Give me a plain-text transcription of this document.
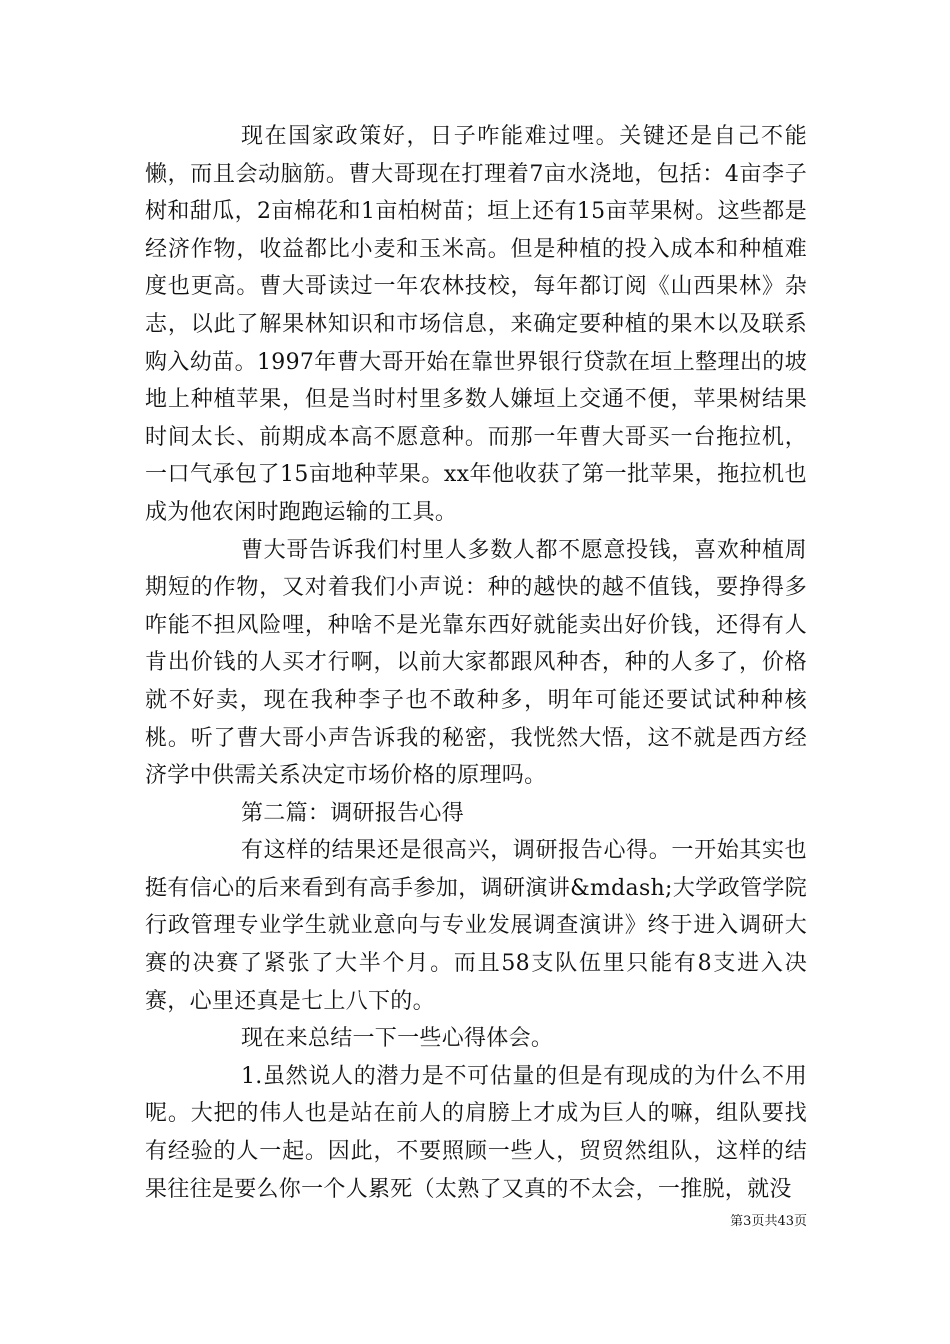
现在国家政策好，日子咋能难过哩。关键还是自己不能懒，而且会动脑筋。曹大哥现在打理着7亩水浇地，包括：4亩李子树和甜瓜，2亩棉花和1亩柏树苗；垣上还有15亩苹果树。这些都是经济作物，收益都比小麦和玉米高。但是种植的投入成本和种植难度也更高。曹大哥读过一年农林技校，每年都订阅《山西果林》杂志，以此了解果林知识和市场信息，来确定要种植的果木以及联系购入幼苗。1997年曹大哥开始在靠世界银行贷款在垣上整理出的坡地上种植苹果，但是当时村里多数人嫌垣上交通不便，苹果树结果时间太长、前期成本高不愿意种。而那一年曹大哥买一台拖拉机，一口气承包了15亩地种苹果。xx年他收获了第一批苹果，拖拉机也成为他农闲时跑跑运输的工具。

曹大哥告诉我们村里人多数人都不愿意投钱，喜欢种植周期短的作物，又对着我们小声说：种的越快的越不值钱，要挣得多咋能不担风险哩，种啥不是光靠东西好就能卖出好价钱，还得有人肯出价钱的人买才行啊，以前大家都跟风种杏，种的人多了，价格就不好卖，现在我种李子也不敢种多，明年可能还要试试种种核桃。听了曹大哥小声告诉我的秘密，我恍然大悟，这不就是西方经济学中供需关系决定市场价格的原理吗。

第二篇：调研报告心得

有这样的结果还是很高兴，调研报告心得。一开始其实也挺有信心的后来看到有高手参加，调研演讲&mdash;大学政管学院行政管理专业学生就业意向与专业发展调查演讲》终于进入调研大赛的决赛了紧张了大半个月。而且58支队伍里只能有8支进入决赛，心里还真是七上八下的。

现在来总结一下一些心得体会。

1.虽然说人的潜力是不可估量的但是有现成的为什么不用呢。大把的伟人也是站在前人的肩膀上才成为巨人的嘛，组队要找有经验的人一起。因此，不要照顾一些人，贸贸然组队，这样的结果往往是要么你一个人累死（太熟了又真的不太会，一推脱，就没

第3页共43页
